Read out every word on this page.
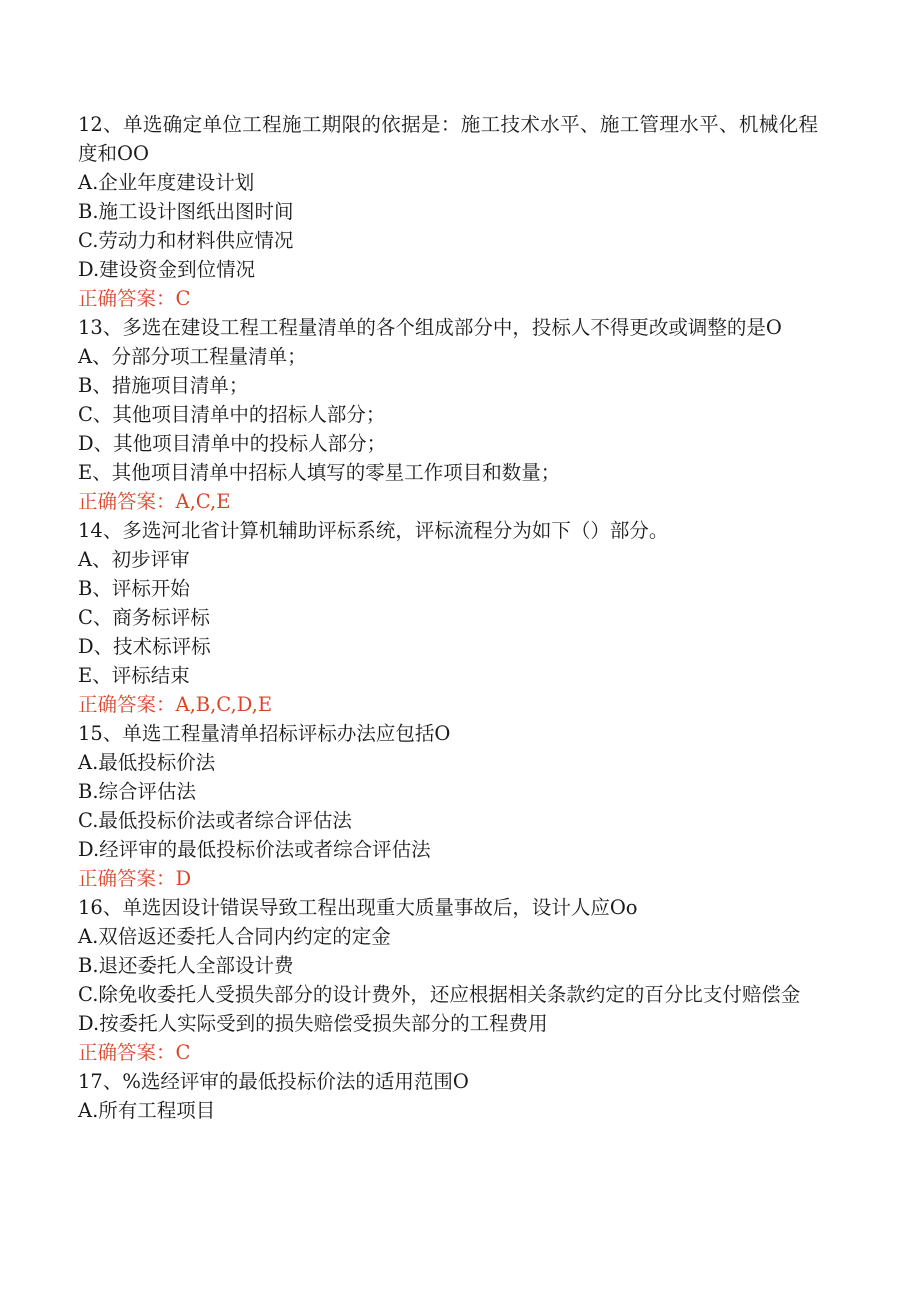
12、单选确定单位工程施工期限的依据是：施工技术水平、施工管理水平、机械化程度和OO

A.企业年度建设计划

B.施工设计图纸出图时间

C.劳动力和材料供应情况

D.建设资金到位情况

正确答案：C

13、多选在建设工程工程量清单的各个组成部分中，投标人不得更改或调整的是O

A、分部分项工程量清单；

B、措施项目清单；

C、其他项目清单中的招标人部分；

D、其他项目清单中的投标人部分；

E、其他项目清单中招标人填写的零星工作项目和数量；

正确答案：A,C,E

14、多选河北省计算机辅助评标系统，评标流程分为如下（）部分。

A、初步评审

B、评标开始

C、商务标评标

D、技术标评标

E、评标结束

正确答案：A,B,C,D,E

15、单选工程量清单招标评标办法应包括O

A.最低投标价法

B.综合评估法

C.最低投标价法或者综合评估法

D.经评审的最低投标价法或者综合评估法

正确答案：D

16、单选因设计错误导致工程出现重大质量事故后，设计人应Oo

A.双倍返还委托人合同内约定的定金

B.退还委托人全部设计费

C.除免收委托人受损失部分的设计费外，还应根据相关条款约定的百分比支付赔偿金

D.按委托人实际受到的损失赔偿受损失部分的工程费用

正确答案：C

17、%选经评审的最低投标价法的适用范围O

A.所有工程项目
